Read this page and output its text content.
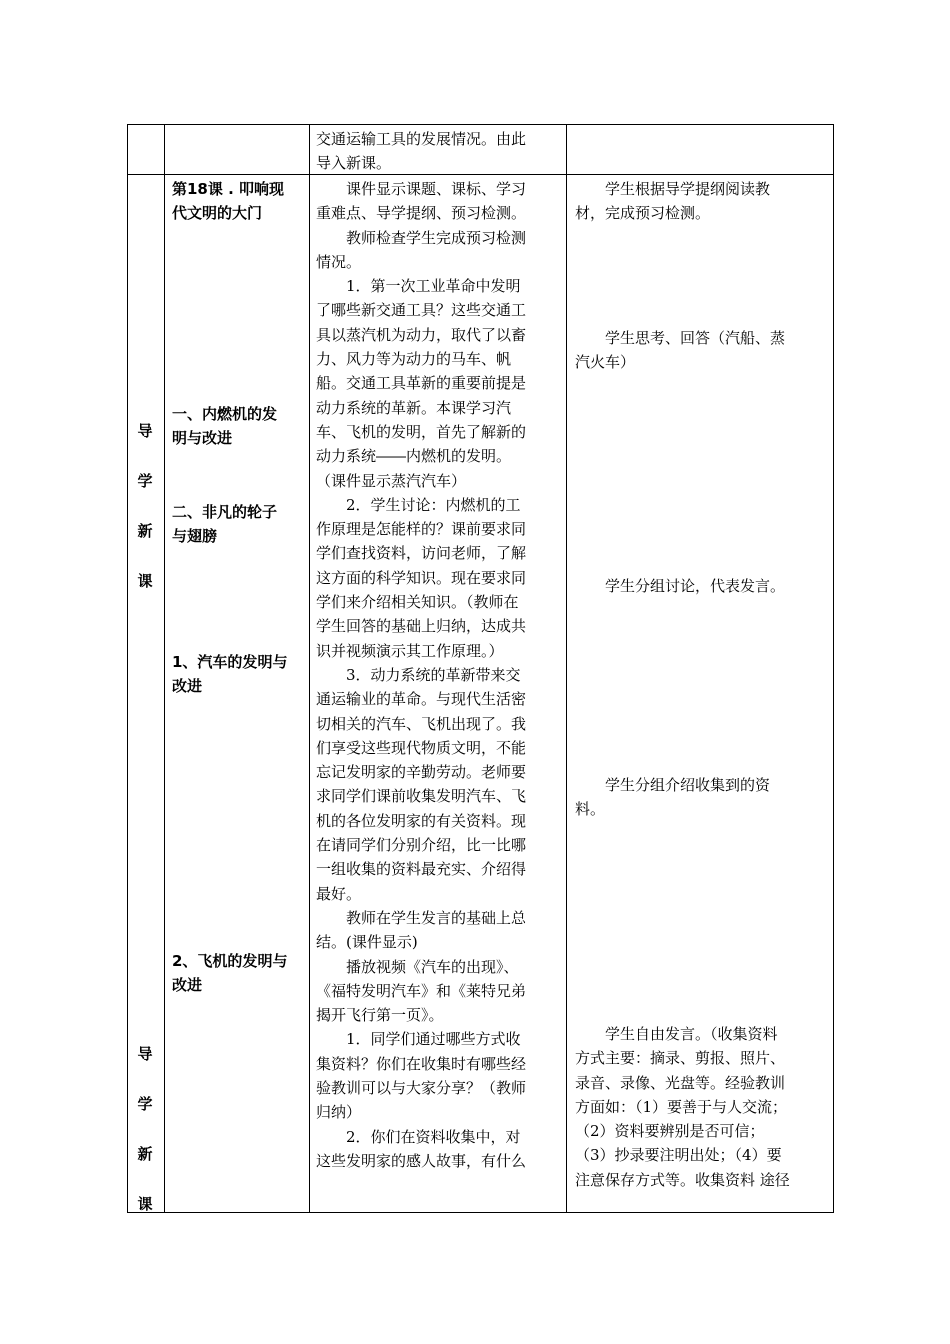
交通运输工具的发展情况。由此
导入新课。
导
学
新
课
导
学
新
课
第18课 . 叩响现
代文明的大门
一、内燃机的发
明与改进
二、非凡的轮子
与翅膀
1、汽车的发明与
改进
2、飞机的发明与
改进
　　课件显示课题、课标、学习
重难点、导学提纲、预习检测。
　　教师检查学生完成预习检测
情况。
　　1．第一次工业革命中发明
了哪些新交通工具？这些交通工
具以蒸汽机为动力，取代了以畜
力、风力等为动力的马车、帆
船。交通工具革新的重要前提是
动力系统的革新。本课学习汽
车、飞机的发明，首先了解新的
动力系统――内燃机的发明。
（课件显示蒸汽汽车）
　　2．学生讨论：内燃机的工
作原理是怎能样的？课前要求同
学们查找资料，访问老师，了解
这方面的科学知识。现在要求同
学们来介绍相关知识。（教师在
学生回答的基础上归纳，达成共
识并视频演示其工作原理。）
　　3．动力系统的革新带来交
通运输业的革命。与现代生活密
切相关的汽车、飞机出现了。我
们享受这些现代物质文明，不能
忘记发明家的辛勤劳动。老师要
求同学们课前收集发明汽车、飞
机的各位发明家的有关资料。现
在请同学们分别介绍，比一比哪
一组收集的资料最充实、介绍得
最好。
　　教师在学生发言的基础上总
结。(课件显示)
　　播放视频《汽车的出现》、
《福特发明汽车》和《莱特兄弟
揭开飞行第一页》。
　　1．同学们通过哪些方式收
集资料？你们在收集时有哪些经
验教训可以与大家分享？（教师
归纳）
　　2．你们在资料收集中，对
这些发明家的感人故事，有什么
　　学生根据导学提纲阅读教
材，完成预习检测。
　　学生思考、回答（汽船、蒸
汽火车）
　　学生分组讨论，代表发言。
　　学生分组介绍收集到的资
料。
　　学生自由发言。（收集资料
方式主要：摘录、剪报、照片、
录音、录像、光盘等。经验教训
方面如：（1）要善于与人交流；
（2）资料要辨别是否可信；
（3）抄录要注明出处；（4）要
注意保存方式等。收集资料 途径
